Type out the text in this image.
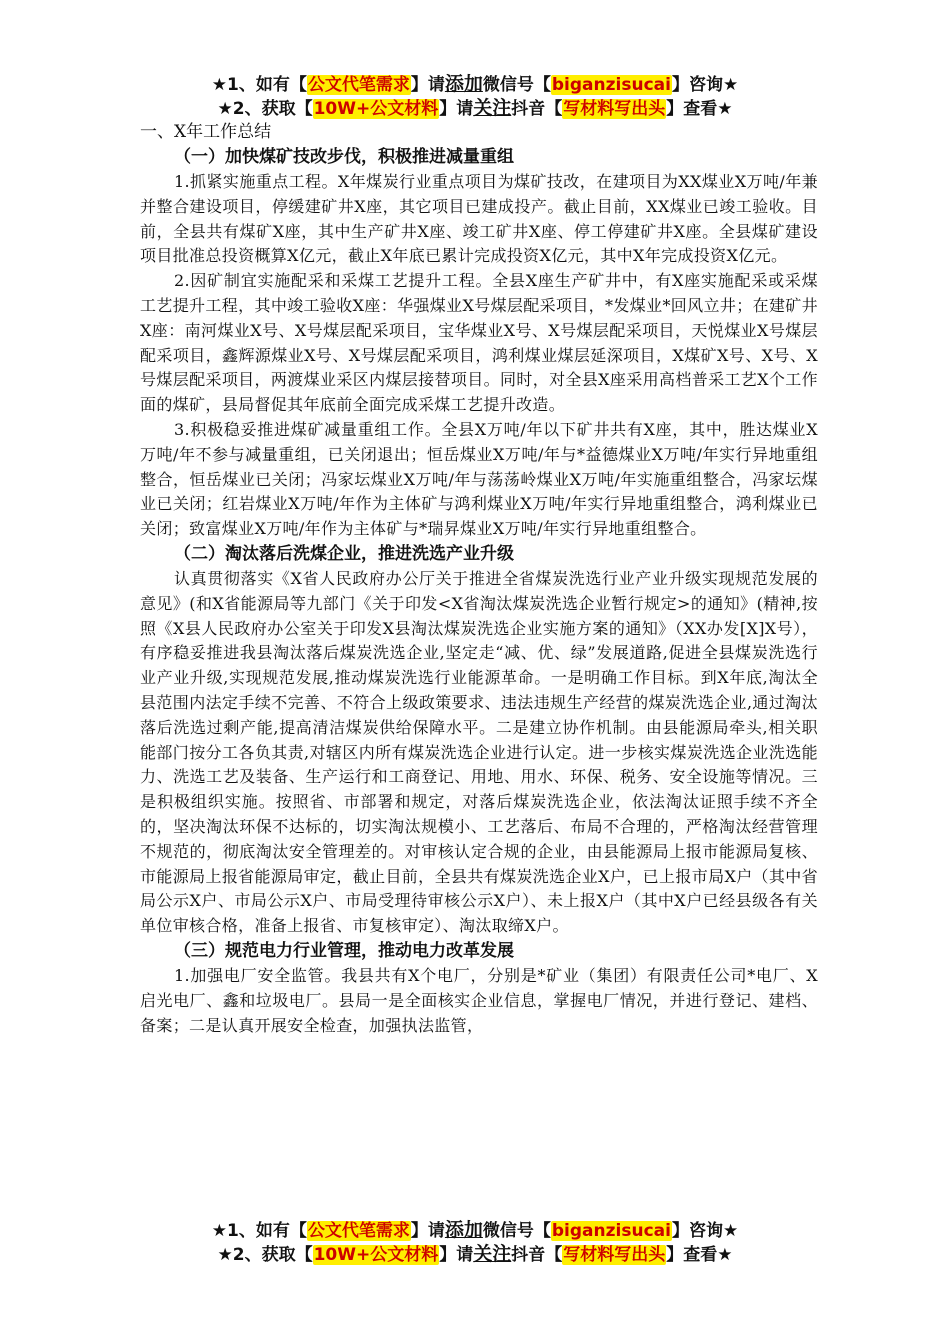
★1、如有【公文代笔需求】请添加微信号【biganzisucai】咨询★
★2、获取【10W+公文材料】请关注抖音【写材料写出头】查看★

一、X年工作总结

（一）加快煤矿技改步伐，积极推进减量重组

1.抓紧实施重点工程。X年煤炭行业重点项目为煤矿技改，在建项目为XX煤业X万吨/年兼并整合建设项目，停缓建矿井X座，其它项目已建成投产。截止目前，XX煤业已竣工验收。目前，全县共有煤矿X座，其中生产矿井X座、竣工矿井X座、停工停建矿井X座。全县煤矿建设项目批准总投资概算X亿元，截止X年底已累计完成投资X亿元，其中X年完成投资X亿元。

2.因矿制宜实施配采和采煤工艺提升工程。全县X座生产矿井中，有X座实施配采或采煤工艺提升工程，其中竣工验收X座：华强煤业X号煤层配采项目，*发煤业*回风立井；在建矿井X座：南河煤业X号、X号煤层配采项目，宝华煤业X号、X号煤层配采项目，天悦煤业X号煤层配采项目，鑫辉源煤业X号、X号煤层配采项目，鸿利煤业煤层延深项目，X煤矿X号、X号、X号煤层配采项目，两渡煤业采区内煤层接替项目。同时，对全县X座采用高档普采工艺X个工作面的煤矿，县局督促其年底前全面完成采煤工艺提升改造。

3.积极稳妥推进煤矿减量重组工作。全县X万吨/年以下矿井共有X座，其中，胜达煤业X万吨/年不参与减量重组，已关闭退出；恒岳煤业X万吨/年与*益德煤业X万吨/年实行异地重组整合，恒岳煤业已关闭；冯家坛煤业X万吨/年与荡荡岭煤业X万吨/年实施重组整合，冯家坛煤业已关闭；红岩煤业X万吨/年作为主体矿与鸿利煤业X万吨/年实行异地重组整合，鸿利煤业已关闭；致富煤业X万吨/年作为主体矿与*瑞昇煤业X万吨/年实行异地重组整合。

（二）淘汰落后洗煤企业，推进洗选产业升级

认真贯彻落实《X省人民政府办公厅关于推进全省煤炭洗选行业产业升级实现规范发展的意见》(和X省能源局等九部门《关于印发<X省淘汰煤炭洗选企业暂行规定>的通知》(精神,按照《X县人民政府办公室关于印发X县淘汰煤炭洗选企业实施方案的通知》（XX办发[X]X号），有序稳妥推进我县淘汰落后煤炭洗选企业,坚定走“减、优、绿”发展道路,促进全县煤炭洗选行业产业升级,实现规范发展,推动煤炭洗选行业能源革命。一是明确工作目标。到X年底,淘汰全县范围内法定手续不完善、不符合上级政策要求、违法违规生产经营的煤炭洗选企业,通过淘汰落后洗选过剩产能,提高清洁煤炭供给保障水平。二是建立协作机制。由县能源局牵头,相关职能部门按分工各负其责,对辖区内所有煤炭洗选企业进行认定。进一步核实煤炭洗选企业洗选能力、洗选工艺及装备、生产运行和工商登记、用地、用水、环保、税务、安全设施等情况。三是积极组织实施。按照省、市部署和规定，对落后煤炭洗选企业，依法淘汰证照手续不齐全的，坚决淘汰环保不达标的，切实淘汰规模小、工艺落后、布局不合理的，严格淘汰经营管理不规范的，彻底淘汰安全管理差的。对审核认定合规的企业，由县能源局上报市能源局复核、市能源局上报省能源局审定，截止目前，全县共有煤炭洗选企业X户，已上报市局X户（其中省局公示X户、市局公示X户、市局受理待审核公示X户）、未上报X户（其中X户已经县级各有关单位审核合格，准备上报省、市复核审定）、淘汰取缔X户。

（三）规范电力行业管理，推动电力改革发展

1.加强电厂安全监管。我县共有X个电厂，分别是*矿业（集团）有限责任公司*电厂、X启光电厂、鑫和垃圾电厂。县局一是全面核实企业信息，掌握电厂情况，并进行登记、建档、备案；二是认真开展安全检查，加强执法监管，

★1、如有【公文代笔需求】请添加微信号【biganzisucai】咨询★
★2、获取【10W+公文材料】请关注抖音【写材料写出头】查看★
